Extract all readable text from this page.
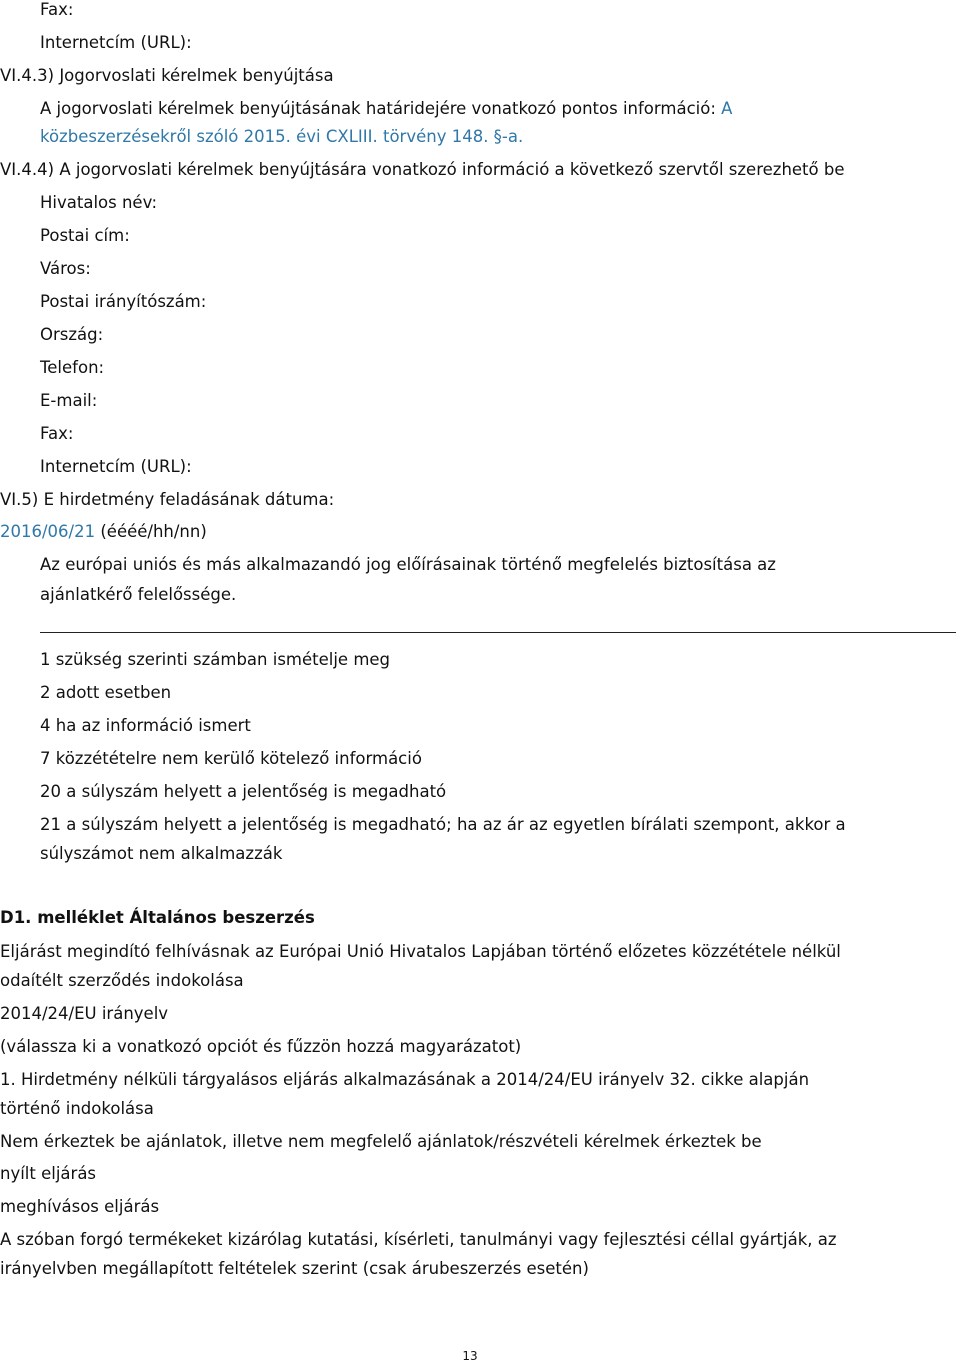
Fax:
Internetcím (URL):
VI.4.3) Jogorvoslati kérelmek benyújtása
A jogorvoslati kérelmek benyújtásának határidejére vonatkozó pontos információ: A
közbeszerzésekről szóló 2015. évi CXLIII. törvény 148. §-a.
VI.4.4) A jogorvoslati kérelmek benyújtására vonatkozó információ a következő szervtől szerezhető be
Hivatalos név:
Postai cím:
Város:
Postai irányítószám:
Ország:
Telefon:
E-mail:
Fax:
Internetcím (URL):
VI.5) E hirdetmény feladásának dátuma:
2016/06/21 (éééé/hh/nn)
Az európai uniós és más alkalmazandó jog előírásainak történő megfelelés biztosítása az
ajánlatkérő felelőssége.
1 szükség szerinti számban ismételje meg
2 adott esetben
4 ha az információ ismert
7 közzétételre nem kerülő kötelező információ
20 a súlyszám helyett a jelentőség is megadható
21 a súlyszám helyett a jelentőség is megadható; ha az ár az egyetlen bírálati szempont, akkor a
súlyszámot nem alkalmazzák
D1. melléklet Általános beszerzés
Eljárást megindító felhívásnak az Európai Unió Hivatalos Lapjában történő előzetes közzététele nélkül
odaítélt szerződés indokolása
2014/24/EU irányelv
(válassza ki a vonatkozó opciót és fűzzön hozzá magyarázatot)
1. Hirdetmény nélküli tárgyalásos eljárás alkalmazásának a 2014/24/EU irányelv 32. cikke alapján
történő indokolása
Nem érkeztek be ajánlatok, illetve nem megfelelő ajánlatok/részvételi kérelmek érkeztek be
nyílt eljárás
meghívásos eljárás
A szóban forgó termékeket kizárólag kutatási, kísérleti, tanulmányi vagy fejlesztési céllal gyártják, az
irányelvben megállapított feltételek szerint (csak árubeszerzés esetén)
13
